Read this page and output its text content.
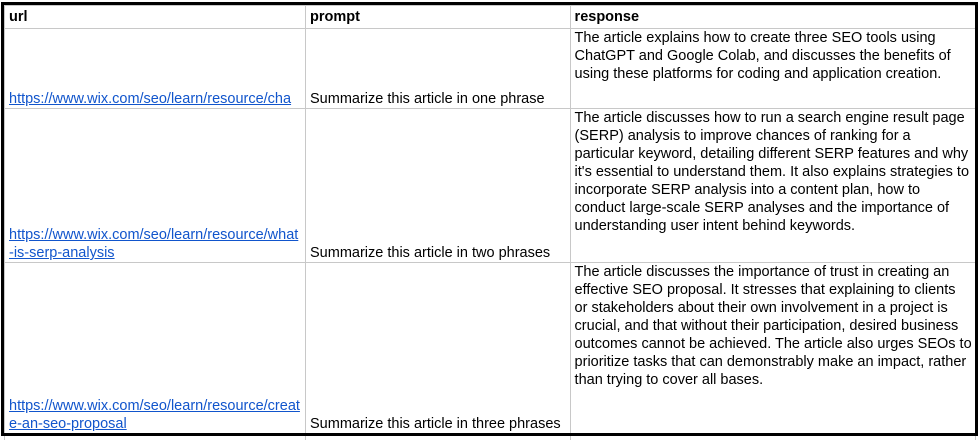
url	prompt	response
https://www.wix.com/seo/learn/resource/cha	Summarize this article in one phrase	The article explains how to create three SEO tools using ChatGPT and Google Colab, and discusses the benefits of using these platforms for coding and application creation.
https://www.wix.com/seo/learn/resource/what-is-serp-analysis	Summarize this article in two phrases	The article discusses how to run a search engine result page (SERP) analysis to improve chances of ranking for a particular keyword, detailing different SERP features and why it's essential to understand them. It also explains strategies to incorporate SERP analysis into a content plan, how to conduct large-scale SERP analyses and the importance of understanding user intent behind keywords.
https://www.wix.com/seo/learn/resource/create-an-seo-proposal	Summarize this article in three phrases	The article discusses the importance of trust in creating an effective SEO proposal. It stresses that explaining to clients or stakeholders about their own involvement in a project is crucial, and that without their participation, desired business outcomes cannot be achieved. The article also urges SEOs to prioritize tasks that can demonstrably make an impact, rather than trying to cover all bases.
